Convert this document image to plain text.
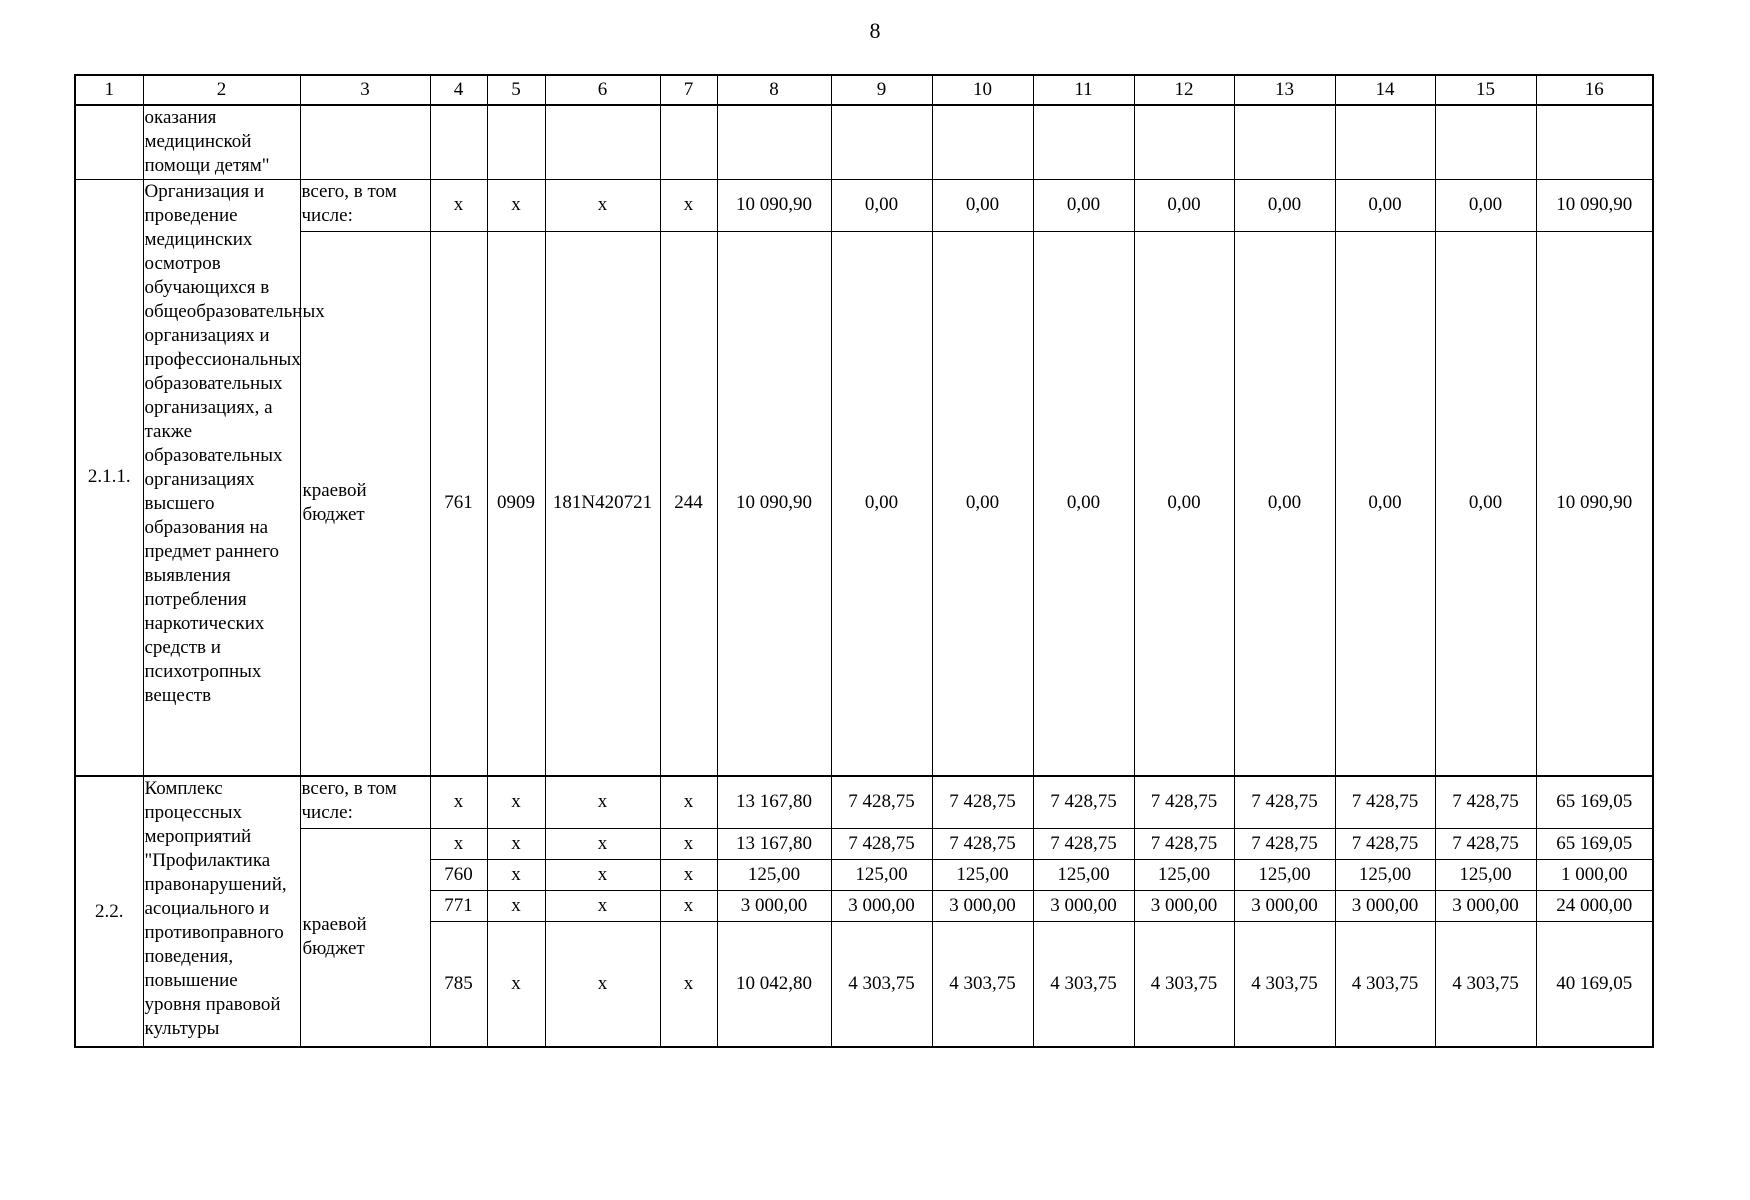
8
1	2	3	4	5	6	7	8	9	10	11	12	13	14	15	16
	оказания медицинской помощи детям"														
2.1.1.	Организация и проведение медицинских осмотров обучающихся в общеобразовательных организациях и профессиональных образовательных организациях, а также образовательных организациях высшего образования на предмет раннего выявления потребления наркотических средств и психотропных веществ	всего, в том числе:	х	х	х	х	10 090,90	0,00	0,00	0,00	0,00	0,00	0,00	0,00	10 090,90
		краевой бюджет	761	0909	181N420721	244	10 090,90	0,00	0,00	0,00	0,00	0,00	0,00	0,00	10 090,90
2.2.	Комплекс процессных мероприятий "Профилактика правонарушений, асоциального и противоправного поведения, повышение уровня правовой культуры	всего, в том числе:	х	х	х	х	13 167,80	7 428,75	7 428,75	7 428,75	7 428,75	7 428,75	7 428,75	7 428,75	65 169,05
		краевой бюджет	х	х	х	х	13 167,80	7 428,75	7 428,75	7 428,75	7 428,75	7 428,75	7 428,75	7 428,75	65 169,05
			760	х	х	х	125,00	125,00	125,00	125,00	125,00	125,00	125,00	125,00	1 000,00
			771	х	х	х	3 000,00	3 000,00	3 000,00	3 000,00	3 000,00	3 000,00	3 000,00	3 000,00	24 000,00
			785	х	х	х	10 042,80	4 303,75	4 303,75	4 303,75	4 303,75	4 303,75	4 303,75	4 303,75	40 169,05
